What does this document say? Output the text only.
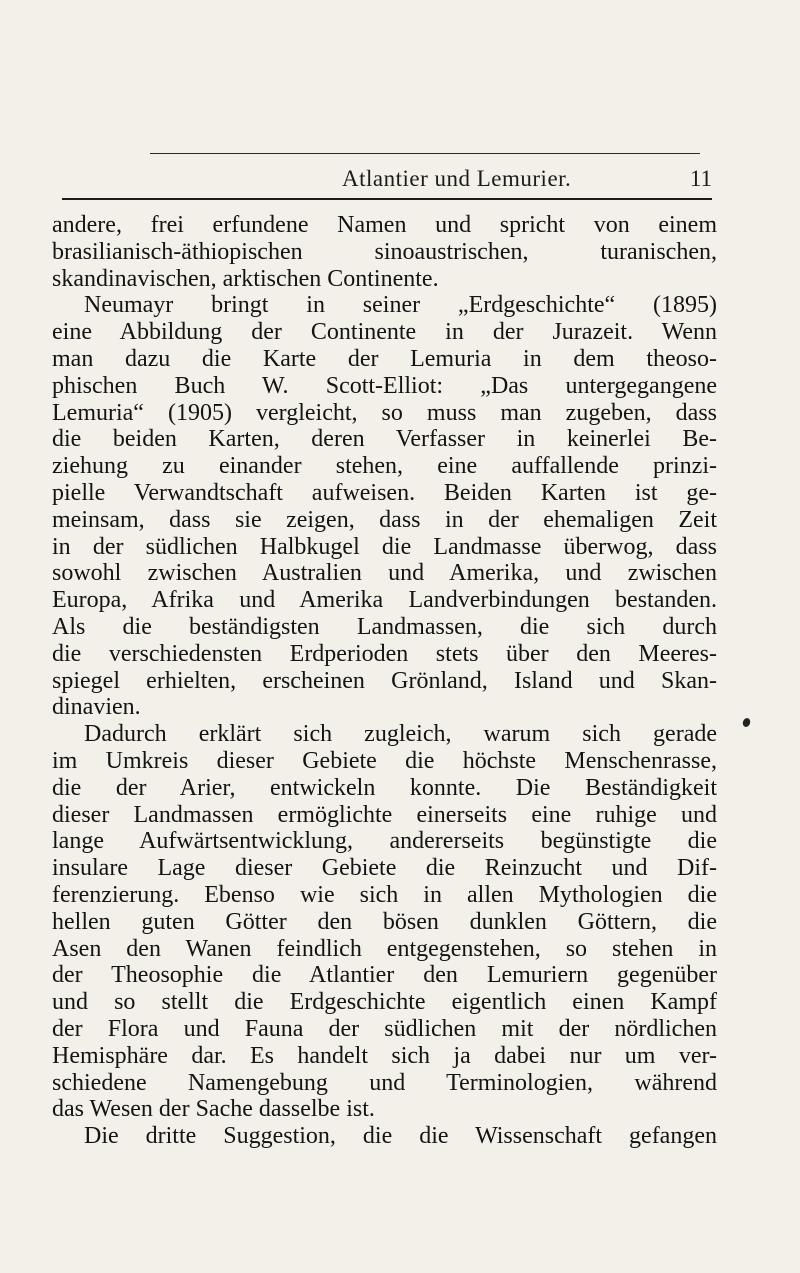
Atlantier und Lemurier.	11
andere, frei erfundene Namen und spricht von einem
brasilianisch-äthiopischen sinoaustrischen, turanischen,
skandinavischen, arktischen Continente.
Neumayr bringt in seiner „Erdgeschichte“ (1895)
eine Abbildung der Continente in der Jurazeit. Wenn
man dazu die Karte der Lemuria in dem theoso-
phischen Buch W. Scott-Elliot: „Das untergegangene
Lemuria“ (1905) vergleicht, so muss man zugeben, dass
die beiden Karten, deren Verfasser in keinerlei Be-
ziehung zu einander stehen, eine auffallende prinzi-
pielle Verwandtschaft aufweisen. Beiden Karten ist ge-
meinsam, dass sie zeigen, dass in der ehemaligen Zeit
in der südlichen Halbkugel die Landmasse überwog, dass
sowohl zwischen Australien und Amerika, und zwischen
Europa, Afrika und Amerika Landverbindungen bestanden.
Als die beständigsten Landmassen, die sich durch
die verschiedensten Erdperioden stets über den Meeres-
spiegel erhielten, erscheinen Grönland, Island und Skan-
dinavien.
Dadurch erklärt sich zugleich, warum sich gerade
im Umkreis dieser Gebiete die höchste Menschenrasse,
die der Arier, entwickeln konnte. Die Beständigkeit
dieser Landmassen ermöglichte einerseits eine ruhige und
lange Aufwärtsentwicklung, andererseits begünstigte die
insulare Lage dieser Gebiete die Reinzucht und Dif-
ferenzierung. Ebenso wie sich in allen Mythologien die
hellen guten Götter den bösen dunklen Göttern, die
Asen den Wanen feindlich entgegenstehen, so stehen in
der Theosophie die Atlantier den Lemuriern gegenüber
und so stellt die Erdgeschichte eigentlich einen Kampf
der Flora und Fauna der südlichen mit der nördlichen
Hemisphäre dar. Es handelt sich ja dabei nur um ver-
schiedene Namengebung und Terminologien, während
das Wesen der Sache dasselbe ist.
Die dritte Suggestion, die die Wissenschaft gefangen
